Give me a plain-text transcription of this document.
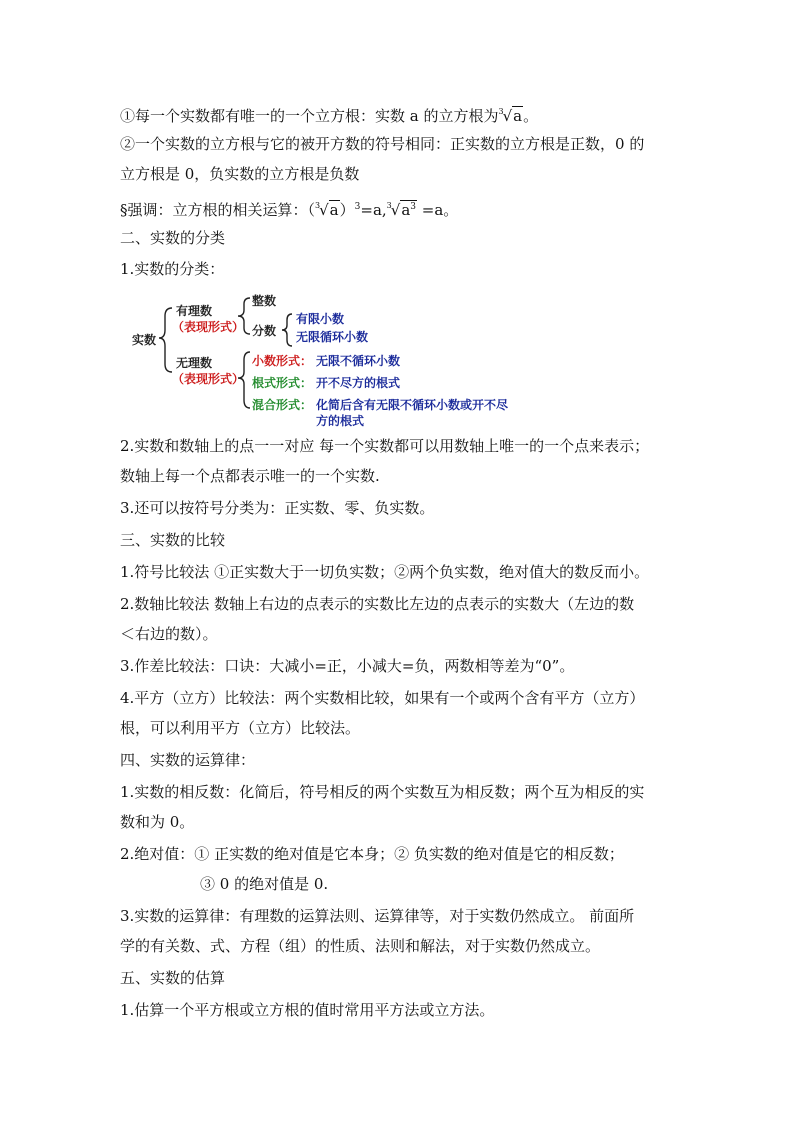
①每一个实数都有唯一的一个立方根：实数 a 的立方根为$^3$√a。
②一个实数的立方根与它的被开方数的符号相同：正实数的立方根是正数，0 的
立方根是 0，负实数的立方根是负数
§强调：立方根的相关运算：$(^3√a)^3=a,^3√a^3 =a$。
二、实数的分类
1.实数的分类：
实数
有理数
（表现形式）
整数
分数
有限小数
无限循环小数
无理数
（表现形式）
小数形式： 无限不循环小数
根式形式： 开不尽方的根式
混合形式： 化简后含有无限不循环小数或开不尽
方的根式
2.实数和数轴上的点一一对应 每一个实数都可以用数轴上唯一的一个点来表示；
数轴上每一个点都表示唯一的一个实数.
3.还可以按符号分类为：正实数、零、负实数。
三、实数的比较
1.符号比较法 ①正实数大于一切负实数；②两个负实数，绝对值大的数反而小。
2.数轴比较法 数轴上右边的点表示的实数比左边的点表示的实数大（左边的数
＜右边的数）。
3.作差比较法：口诀：大减小=正，小减大=负，两数相等差为“0”。
4.平方（立方）比较法：两个实数相比较，如果有一个或两个含有平方（立方）
根，可以利用平方（立方）比较法。
四、实数的运算律：
1.实数的相反数：化简后，符号相反的两个实数互为相反数；两个互为相反的实
数和为 0。
2.绝对值：① 正实数的绝对值是它本身；② 负实数的绝对值是它的相反数；
③ 0 的绝对值是 0.
3.实数的运算律：有理数的运算法则、运算律等，对于实数仍然成立。 前面所
学的有关数、式、方程（组）的性质、法则和解法，对于实数仍然成立。
五、实数的估算
1.估算一个平方根或立方根的值时常用平方法或立方法。
